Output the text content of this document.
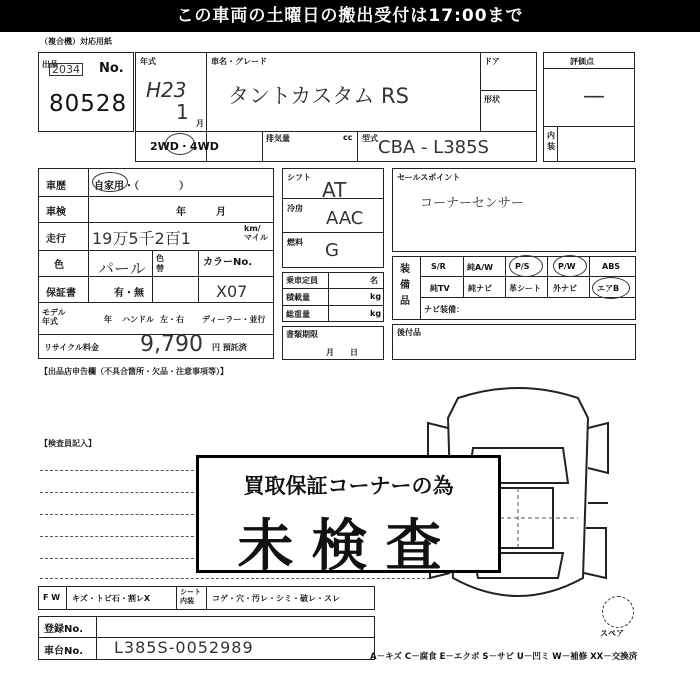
この車両の土曜日の搬出受付は17:00まで
（複合機）対応用紙
出品
2034 No.
80528
年式
H23
1 月
車名・グレード
タントカスタム RS
ドア
形状
2WD・4WD
排気量	cc 型式 CBA - L385S
評価点
—
内装
車歴	自家用・（　　　　）
車検	年　　　月
走行 19万5千2百1
km/マイル
色 パール
色替
カラーNo.
X07
保証書	有・無
モデル年式	年 ハンドル 左・右 ディーラー・並行
リサイクル料金 9,790 円 預託済
シフト
AT
冷房 AAC
燃料 G
乗車定員	名
積載量	kg
総重量	kg
書類期限
月　　日
セールスポイント
コーナーセンサー
装備品
S/R	純A/W	P/S	P/W	ABS
純TV 純ナビ 革シート 外ナビ	エアB
ナビ装備：
後付品
【出品店申告欄（不具合箇所・欠品・注意事項等）】
【検査員記入】
買取保証コーナーの為
未検査
スペア
F W キズ・トビ石・割レX
シート内装	コゲ・穴・汚レ・シミ・破レ・スレ
登録No.
車台No. L385S-0052989	A－キズ C－腐食 E－エクボ S－サビ U－凹ミ W－補修 XX－交換済
